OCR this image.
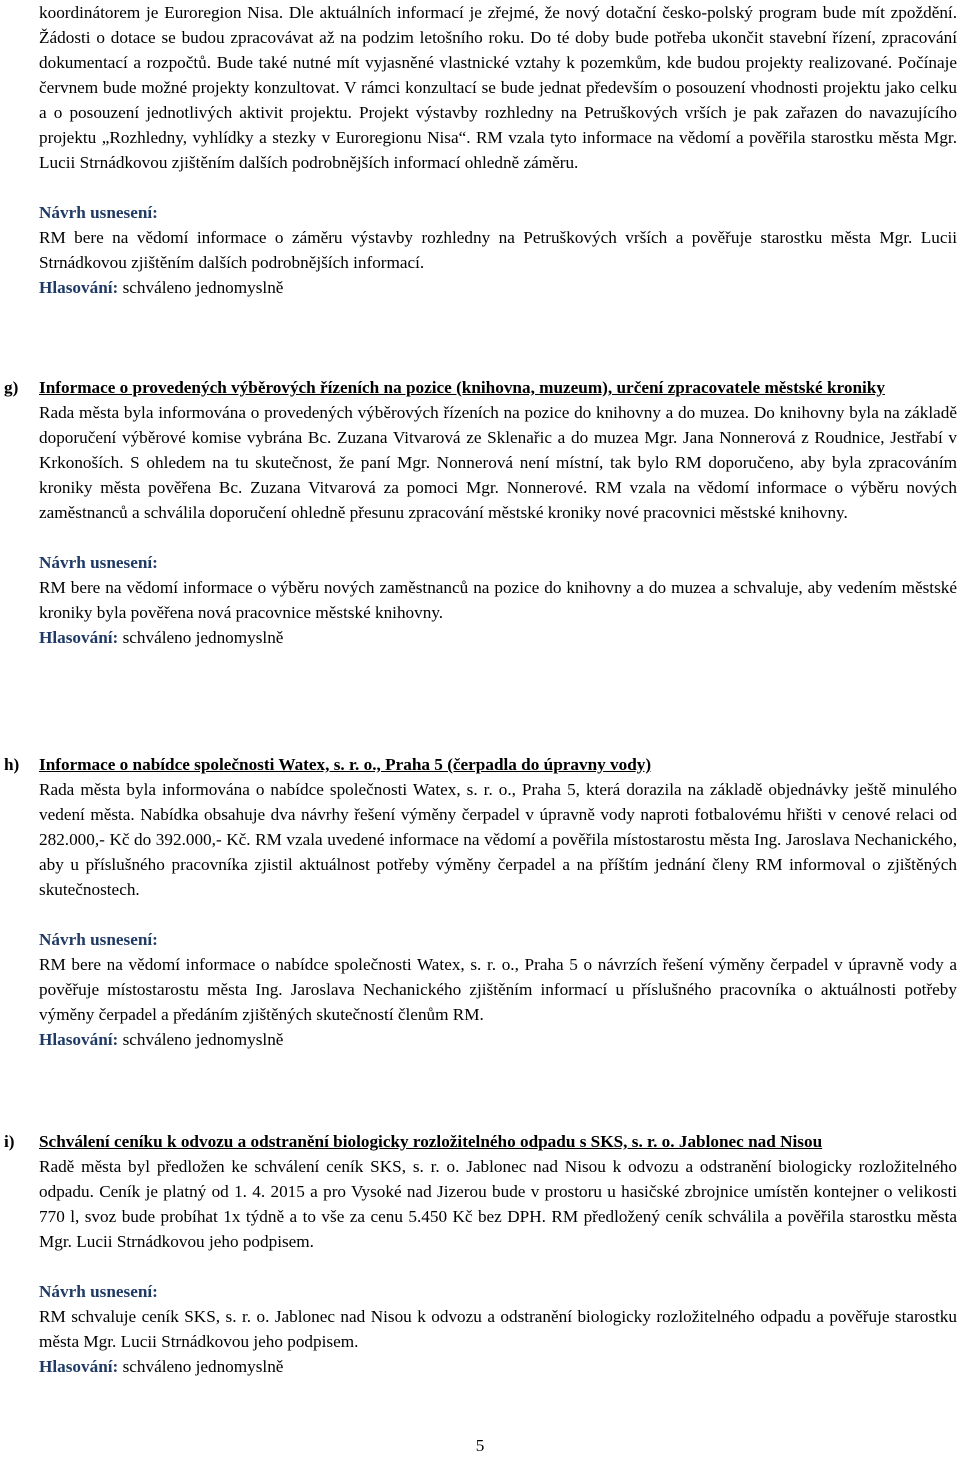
koordinátorem je Euroregion Nisa. Dle aktuálních informací je zřejmé, že nový dotační česko-polský program bude mít zpoždění. Žádosti o dotace se budou zpracovávat až na podzim letošního roku. Do té doby bude potřeba ukončit stavební řízení, zpracování dokumentací a rozpočtů. Bude také nutné mít vyjasněné vlastnické vztahy k pozemkům, kde budou projekty realizované. Počínaje červnem bude možné projekty konzultovat. V rámci konzultací se bude jednat především o posouzení vhodnosti projektu jako celku a o posouzení jednotlivých aktivit projektu. Projekt výstavby rozhledny na Petruškových vrších je pak zařazen do navazujícího projektu „Rozhledny, vyhlídky a stezky v Euroregionu Nisa“. RM vzala tyto informace na vědomí a pověřila starostku města Mgr. Lucii Strnádkovou zjištěním dalších podrobnějších informací ohledně záměru.

Návrh usnesení:

RM bere na vědomí informace o záměru výstavby rozhledny na Petruškových vrších a pověřuje starostku města Mgr. Lucii Strnádkovou zjištěním dalších podrobnějších informací.

Hlasování: schváleno jednomyslně

g) Informace o provedených výběrových řízeních na pozice (knihovna, muzeum), určení zpracovatele městské kroniky

Rada města byla informována o provedených výběrových řízeních na pozice do knihovny a do muzea. Do knihovny byla na základě doporučení výběrové komise vybrána Bc. Zuzana Vitvarová ze Sklenařic a do muzea Mgr. Jana Nonnerová z Roudnice, Jestřabí v Krkonoších. S ohledem na tu skutečnost, že paní Mgr. Nonnerová není místní, tak bylo RM doporučeno, aby byla zpracováním kroniky města pověřena Bc. Zuzana Vitvarová za pomoci Mgr. Nonnerové. RM vzala na vědomí informace o výběru nových zaměstnanců a schválila doporučení ohledně přesunu zpracování městské kroniky nové pracovnici městské knihovny.

Návrh usnesení:

RM bere na vědomí informace o výběru nových zaměstnanců na pozice do knihovny a do muzea a schvaluje, aby vedením městské kroniky byla pověřena nová pracovnice městské knihovny.

Hlasování: schváleno jednomyslně

h) Informace o nabídce společnosti Watex, s. r. o., Praha 5 (čerpadla do úpravny vody)

Rada města byla informována o nabídce společnosti Watex, s. r. o., Praha 5, která dorazila na základě objednávky ještě minulého vedení města. Nabídka obsahuje dva návrhy řešení výměny čerpadel v úpravně vody naproti fotbalovému hřišti v cenové relaci od 282.000,- Kč do 392.000,- Kč. RM vzala uvedené informace na vědomí a pověřila místostarostu města Ing. Jaroslava Nechanického, aby u příslušného pracovníka zjistil aktuálnost potřeby výměny čerpadel a na příštím jednání členy RM informoval o zjištěných skutečnostech.

Návrh usnesení:

RM bere na vědomí informace o nabídce společnosti Watex, s. r. o., Praha 5 o návrzích řešení výměny čerpadel v úpravně vody a pověřuje místostarostu města Ing. Jaroslava Nechanického zjištěním informací u příslušného pracovníka o aktuálnosti potřeby výměny čerpadel a předáním zjištěných skutečností členům RM.

Hlasování: schváleno jednomyslně

i) Schválení ceníku k odvozu a odstranění biologicky rozložitelného odpadu s SKS, s. r. o. Jablonec nad Nisou

Radě města byl předložen ke schválení ceník SKS, s. r. o. Jablonec nad Nisou k odvozu a odstranění biologicky rozložitelného odpadu. Ceník je platný od 1. 4. 2015 a pro Vysoké nad Jizerou bude v prostoru u hasičské zbrojnice umístěn kontejner o velikosti 770 l, svoz bude probíhat 1x týdně a to vše za cenu 5.450 Kč bez DPH. RM předložený ceník schválila a pověřila starostku města Mgr. Lucii Strnádkovou jeho podpisem.

Návrh usnesení:

RM schvaluje ceník SKS, s. r. o. Jablonec nad Nisou k odvozu a odstranění biologicky rozložitelného odpadu a pověřuje starostku města Mgr. Lucii Strnádkovou jeho podpisem.

Hlasování: schváleno jednomyslně

5
